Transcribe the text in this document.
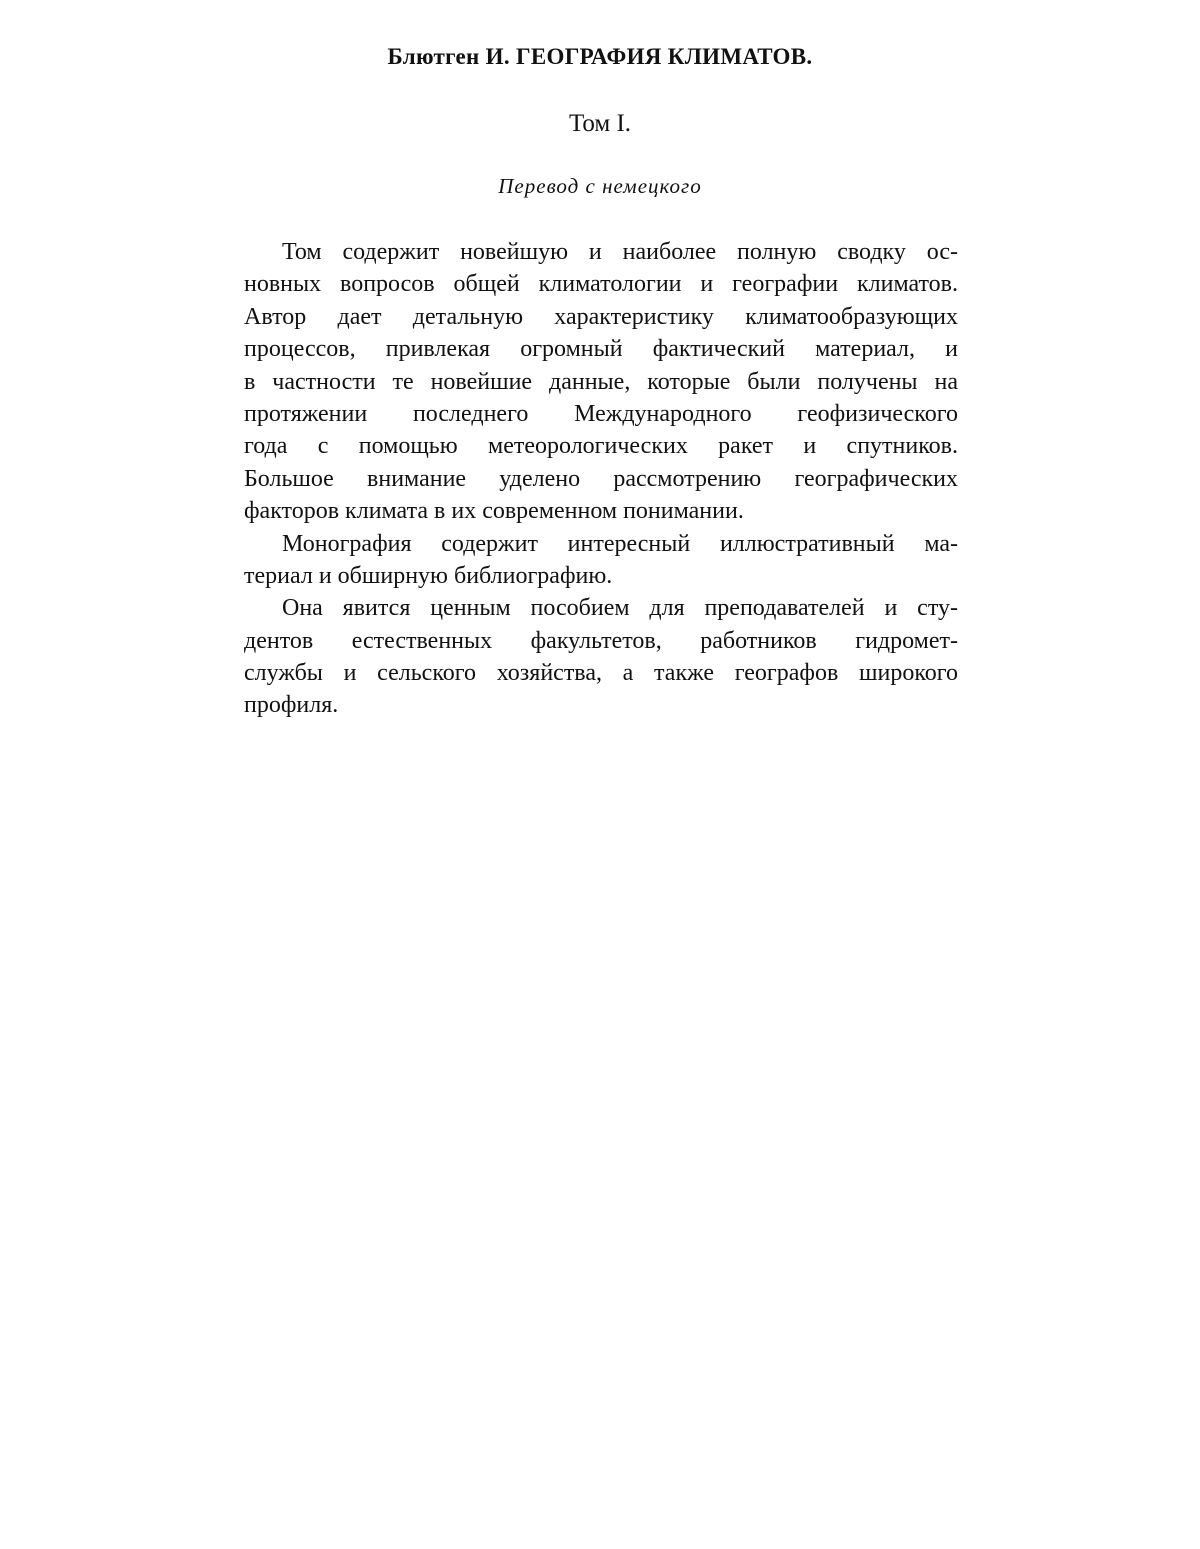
Блютген И. ГЕОГРАФИЯ КЛИМАТОВ.
Том I.
Перевод с немецкого
Том содержит новейшую и наиболее полную сводку ос-
новных вопросов общей климатологии и географии климатов.
Автор дает детальную характеристику климатообразующих
процессов, привлекая огромный фактический материал, и
в частности те новейшие данные, которые были получены на
протяжении последнего Международного геофизического
года с помощью метеорологических ракет и спутников.
Большое внимание уделено рассмотрению географических
факторов климата в их современном понимании.
Монография содержит интересный иллюстративный ма-
териал и обширную библиографию.
Она явится ценным пособием для преподавателей и сту-
дентов естественных факультетов, работников гидромет-
службы и сельского хозяйства, а также географов широкого
профиля.
